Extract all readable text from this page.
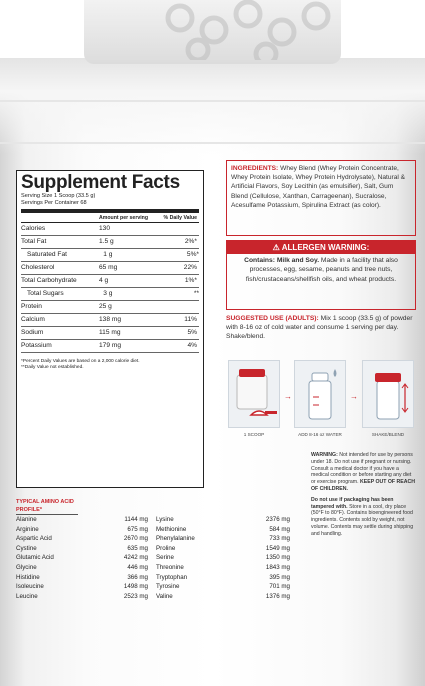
Supplement Facts
Serving Size 1 Scoop (33.5 g)
Servings Per Container 68
Amount per serving	% Daily Value
Calories	130
Total Fat	1.5 g	2%*
Saturated Fat	1 g	5%*
Cholesterol	65 mg	22%
Total Carbohydrate	4 g	1%*
Total Sugars	3 g	**
Protein	25 g
Calcium	138 mg	11%
Sodium	115 mg	5%
Potassium	179 mg	4%
*Percent Daily Values are based on a 2,000 calorie diet.
**Daily Value not established.
TYPICAL AMINO ACID PROFILE*
Alanine	1144 mg
Arginine	675 mg
Aspartic Acid	2670 mg
Cystine	635 mg
Glutamic Acid	4242 mg
Glycine	446 mg
Histidine	366 mg
Isoleucine	1498 mg
Leucine	2523 mg
Lysine	2376 mg
Methionine	584 mg
Phenylalanine	733 mg
Proline	1549 mg
Serine	1350 mg
Threonine	1843 mg
Tryptophan	395 mg
Tyrosine	701 mg
Valine	1376 mg
INGREDIENTS: Whey Blend (Whey Protein Concentrate, Whey Protein Isolate, Whey Protein Hydrolysate), Natural & Artificial Flavors, Soy Lecithin (as emulsifier), Salt, Gum Blend (Cellulose, Xanthan, Carrageenan), Sucralose, Acesulfame Potassium, Spirulina Extract (as color).
⚠ ALLERGEN WARNING:
Contains: Milk and Soy. Made in a facility that also processes, egg, sesame, peanuts and tree nuts, fish/crustaceans/shellfish oils, and wheat products.
SUGGESTED USE (ADULTS): Mix 1 scoop (33.5 g) of powder with 8-16 oz of cold water and consume 1 serving per day. Shake/blend.
→	→
1 SCOOP	ADD 8-16 oz WATER	SHAKE/BLEND

WARNING: Not intended for use by persons under 18. Do not use if pregnant or nursing. Consult a medical doctor if you have a medical condition or before starting any diet or exercise program. KEEP OUT OF REACH OF CHILDREN.

Do not use if packaging has been tampered with. Store in a cool, dry place (50°F to 80°F). Contains bioengineered food ingredients. Contents sold by weight, not volume. Contents may settle during shipping and handling.
